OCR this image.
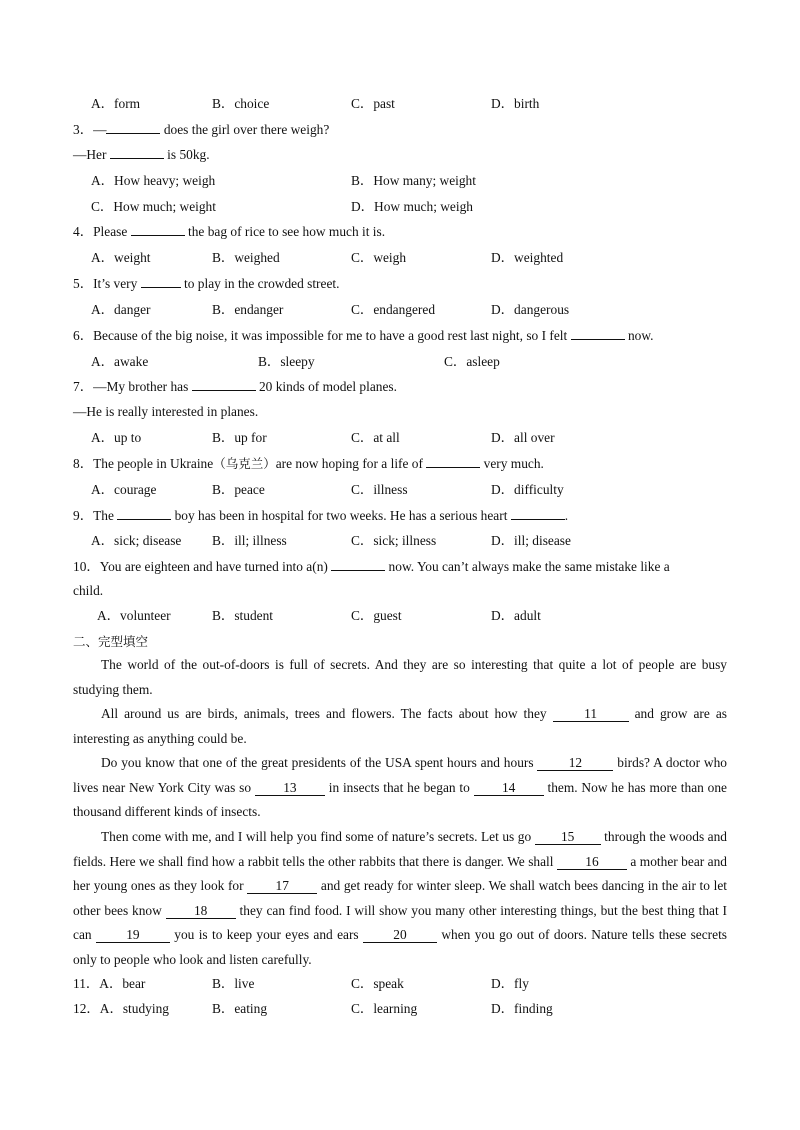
A．form	B．choice	C．past	D．birth
3．—	does the girl over there weigh?
—Her	is 50kg.
A．How heavy; weigh	B．How many; weight
C．How much; weight	D．How much; weigh
4．Please	the bag of rice to see how much it is.
A．weight	B．weighed	C．weigh	D．weighted
5．It’s very	to play in the crowded street.
A．danger	B．endanger	C．endangered	D．dangerous
6．Because of the big noise, it was impossible for me to have a good rest last night, so I felt	now.
A．awake	B．sleepy	C．asleep
7．—My brother has	20 kinds of model planes.
—He is really interested in planes.
A．up to	B．up for	C．at all	D．all over
8．The people in Ukraine（乌克兰）are now hoping for a life of	very much.
A．courage	B．peace	C．illness	D．difficulty
9．The	boy has been in hospital for two weeks. He has a serious heart	.
A．sick; disease B．ill; illness	C．sick; illness	D．ill; disease
10．You are eighteen and have turned into a(n)	now. You can’t always make the same mistake like a
child.
A．volunteer	B．student	C．guest	D．adult
二、完型填空
The world of the out-of-doors is full of secrets. And they are so interesting that quite a lot of people are busy studying them.
All around us are birds, animals, trees and flowers. The facts about how they 11 and grow are as interesting as anything could be.
Do you know that one of the great presidents of the USA spent hours and hours 12 birds? A doctor who lives near New York City was so 13 in insects that he began to 14 them. Now he has more than one thousand different kinds of insects.
Then come with me, and I will help you find some of nature’s secrets. Let us go 15 through the woods and fields. Here we shall find how a rabbit tells the other rabbits that there is danger. We shall 16 a mother bear and her young ones as they look for 17 and get ready for winter sleep. We shall watch bees dancing in the air to let other bees know 18 they can find food. I will show you many other interesting things, but the best thing that I can 19 you is to keep your eyes and ears 20 when you go out of doors. Nature tells these secrets only to people who look and listen carefully.
11．A．bear	B．live	C．speak	D．fly
12．A．studying	B．eating	C．learning	D．finding
